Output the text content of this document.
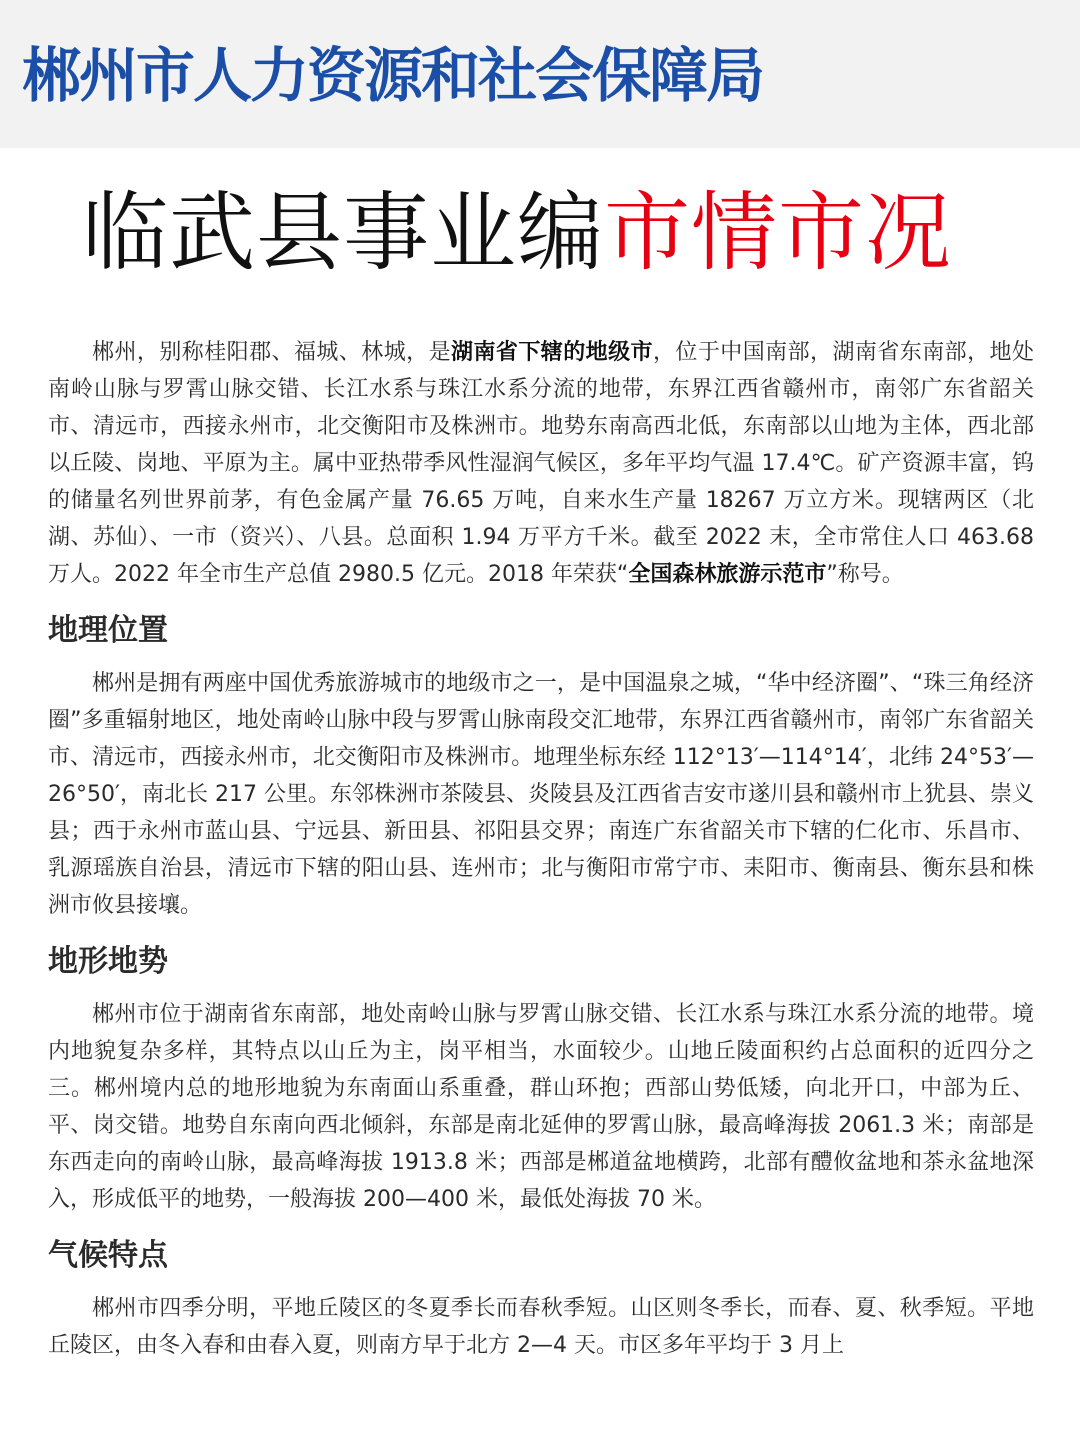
郴州市人力资源和社会保障局
临武县事业编市情市况

郴州，别称桂阳郡、福城、林城，是湖南省下辖的地级市，位于中国南部，湖南省东南部，地处南岭山脉与罗霄山脉交错、长江水系与珠江水系分流的地带，东界江西省赣州市，南邻广东省韶关市、清远市，西接永州市，北交衡阳市及株洲市。地势东南高西北低，东南部以山地为主体，西北部以丘陵、岗地、平原为主。属中亚热带季风性湿润气候区，多年平均气温 17.4℃。矿产资源丰富，钨的储量名列世界前茅，有色金属产量 76.65 万吨，自来水生产量 18267 万立方米。现辖两区（北湖、苏仙）、一市（资兴）、八县。总面积 1.94 万平方千米。截至 2022 末，全市常住人口 463.68 万人。2022 年全市生产总值 2980.5 亿元。2018 年荣获“全国森林旅游示范市”称号。

地理位置

郴州是拥有两座中国优秀旅游城市的地级市之一，是中国温泉之城，“华中经济圈”、“珠三角经济圈”多重辐射地区，地处南岭山脉中段与罗霄山脉南段交汇地带，东界江西省赣州市，南邻广东省韶关市、清远市，西接永州市，北交衡阳市及株洲市。地理坐标东经 112°13′—114°14′，北纬 24°53′—26°50′，南北长 217 公里。东邻株洲市茶陵县、炎陵县及江西省吉安市遂川县和赣州市上犹县、崇义县；西于永州市蓝山县、宁远县、新田县、祁阳县交界；南连广东省韶关市下辖的仁化市、乐昌市、乳源瑶族自治县，清远市下辖的阳山县、连州市；北与衡阳市常宁市、耒阳市、衡南县、衡东县和株洲市攸县接壤。

地形地势

郴州市位于湖南省东南部，地处南岭山脉与罗霄山脉交错、长江水系与珠江水系分流的地带。境内地貌复杂多样，其特点以山丘为主，岗平相当，水面较少。山地丘陵面积约占总面积的近四分之三。郴州境内总的地形地貌为东南面山系重叠，群山环抱；西部山势低矮，向北开口，中部为丘、平、岗交错。地势自东南向西北倾斜，东部是南北延伸的罗霄山脉，最高峰海拔 2061.3 米；南部是东西走向的南岭山脉，最高峰海拔 1913.8 米；西部是郴道盆地横跨，北部有醴攸盆地和茶永盆地深入，形成低平的地势，一般海拔 200—400 米，最低处海拔 70 米。

气候特点

郴州市四季分明，平地丘陵区的冬夏季长而春秋季短。山区则冬季长，而春、夏、秋季短。平地丘陵区，由冬入春和由春入夏，则南方早于北方 2—4 天。市区多年平均于 3 月上
